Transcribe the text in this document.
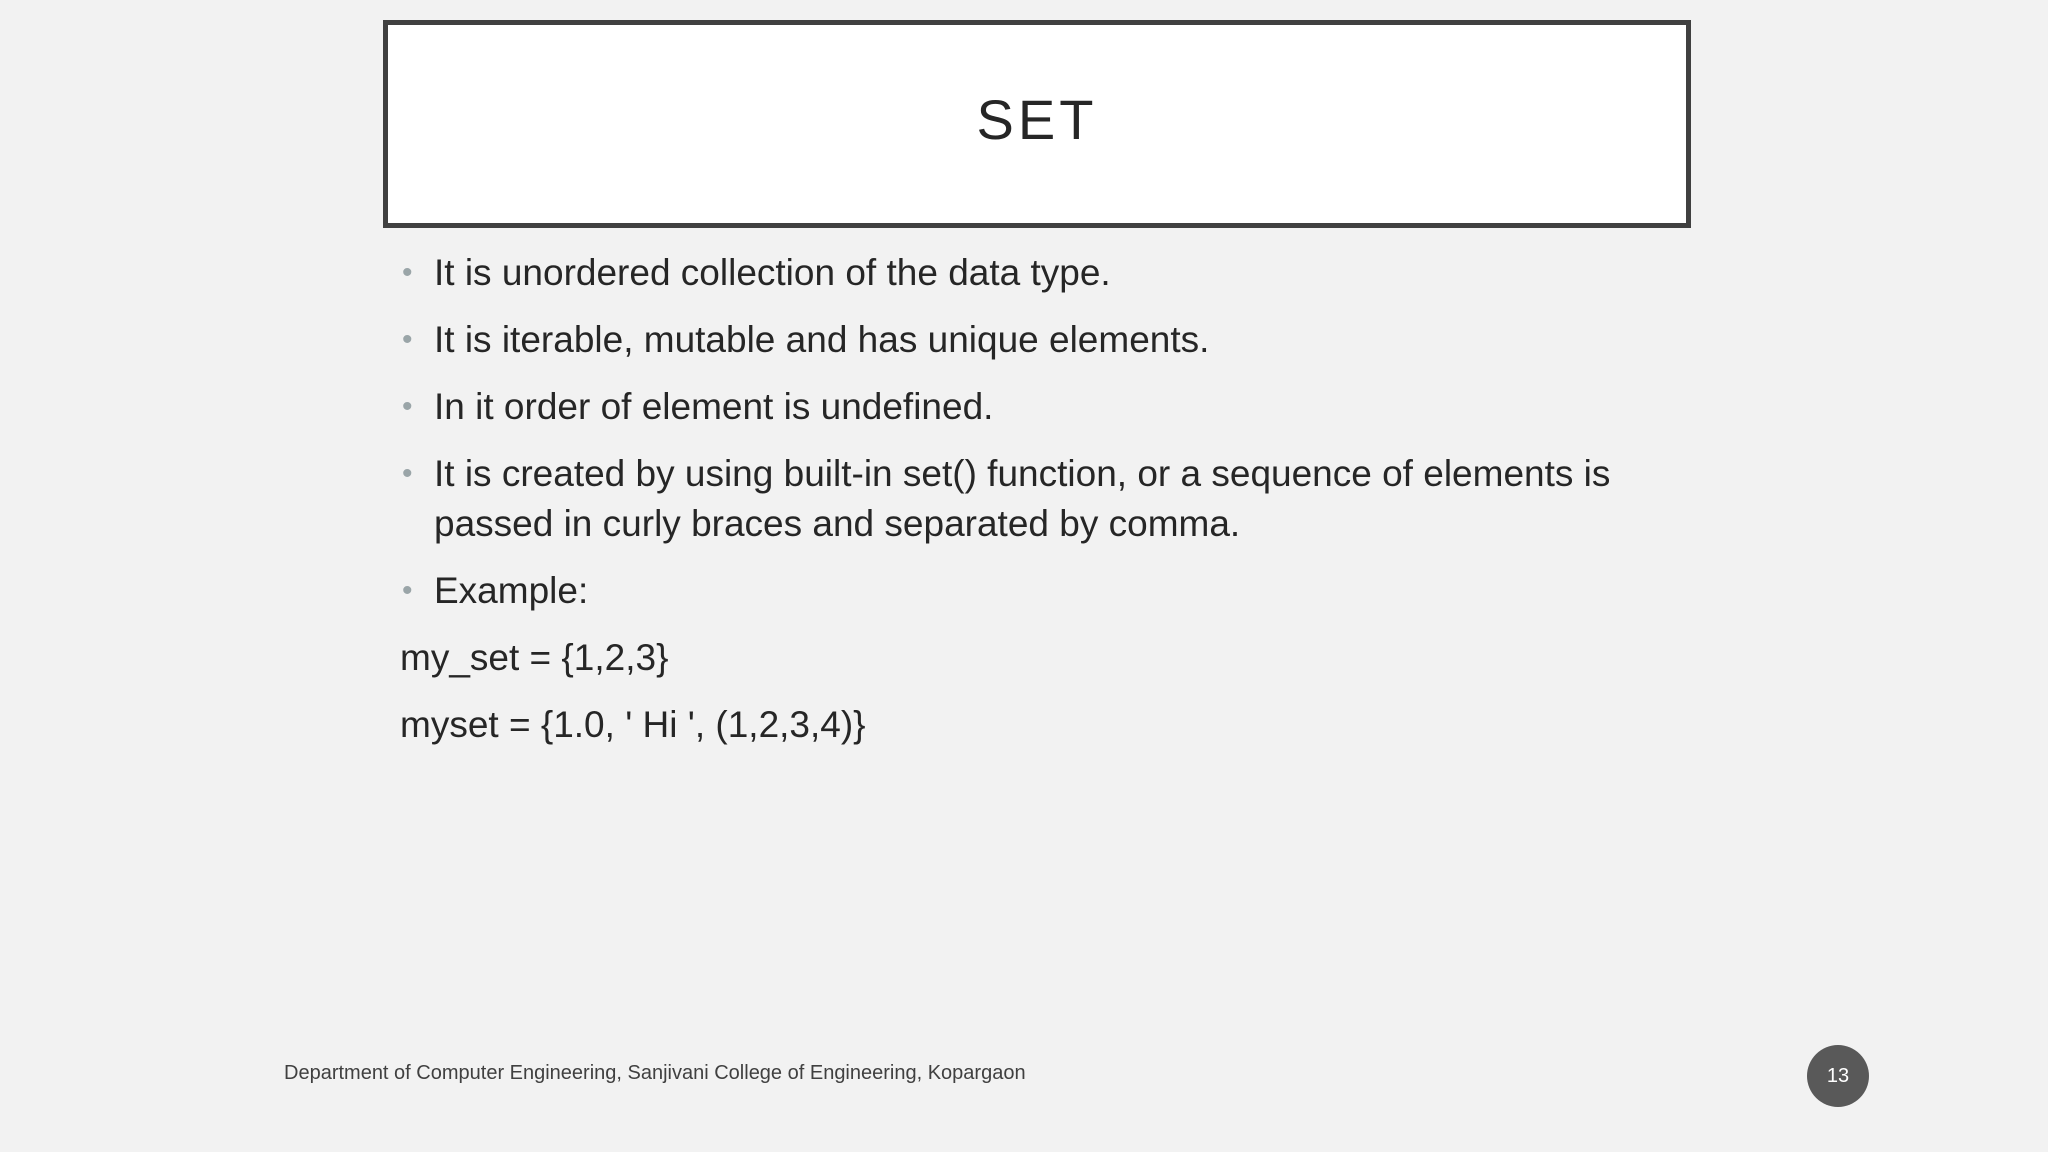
SET
• It is unordered collection of the data type.
• It is iterable, mutable and has unique elements.
• In it order of element is undefined.
• It is created by using built-in set() function, or a sequence of elements is passed in curly braces and separated by comma.
• Example:
my_set = {1,2,3}
myset = {1.0, ' Hi ', (1,2,3,4)}
Department of Computer Engineering, Sanjivani College of Engineering, Kopargaon	13
